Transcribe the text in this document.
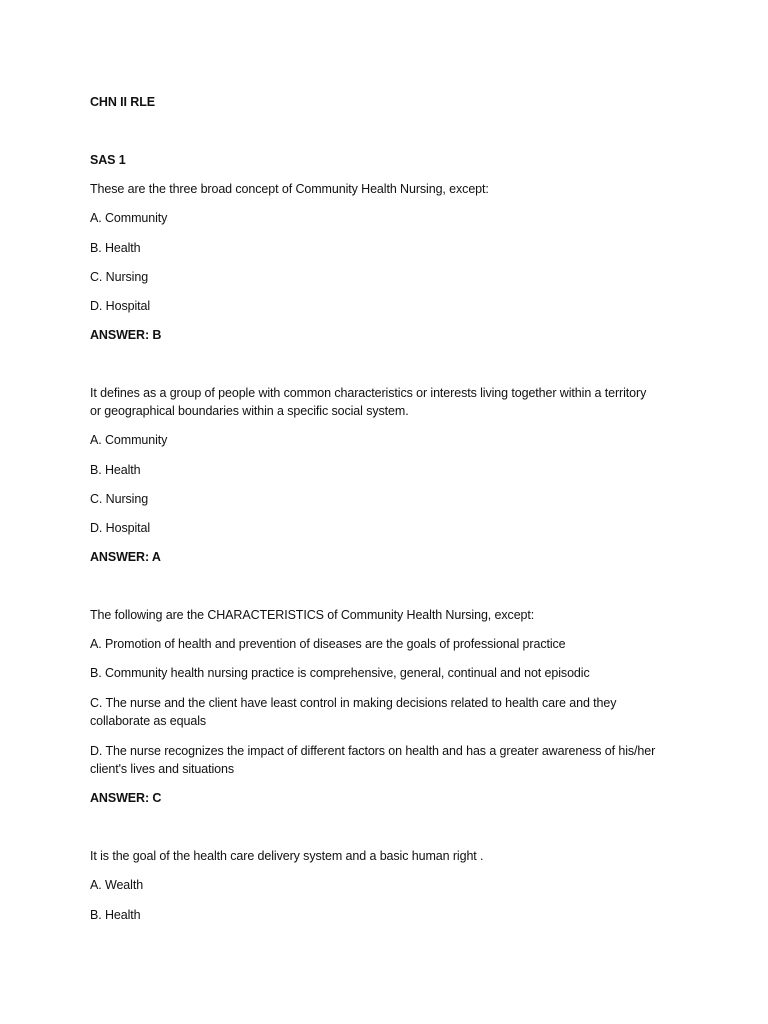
CHN II RLE
SAS 1
These are the three broad concept of Community Health Nursing, except:
A. Community
B. Health
C. Nursing
D. Hospital
ANSWER: B
It defines as a group of people with common characteristics or interests living together within a territory
or geographical boundaries within a specific social system.
A. Community
B. Health
C. Nursing
D. Hospital
ANSWER: A
The following are the CHARACTERISTICS of Community Health Nursing, except:
A. Promotion of health and prevention of diseases are the goals of professional practice
B. Community health nursing practice is comprehensive, general, continual and not episodic
C. The nurse and the client have least control in making decisions related to health care and they
collaborate as equals
D. The nurse recognizes the impact of different factors on health and has a greater awareness of his/her
client's lives and situations
ANSWER: C
It is the goal of the health care delivery system and a basic human right .
A. Wealth
B. Health
